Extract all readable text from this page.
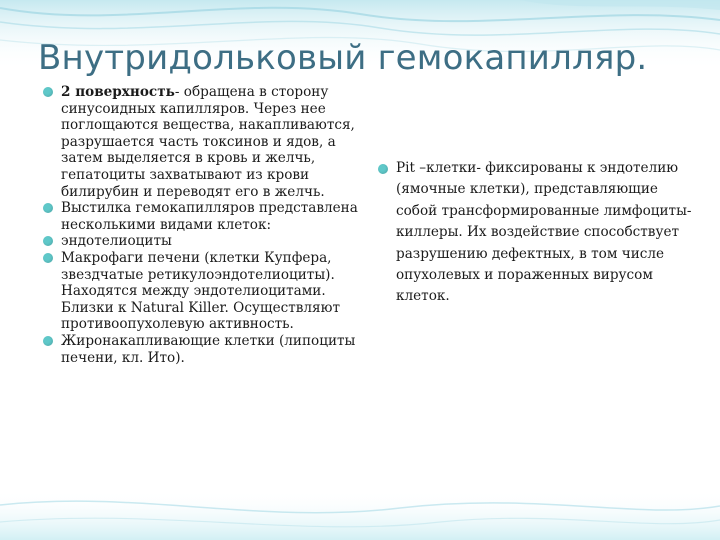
Внутридольковый гемокапилляр.
2 поверхность- обращена в сторону синусоидных капилляров. Через нее поглощаются вещества, накапливаются, разрушается часть токсинов и ядов, а затем выделяется в кровь и желчь, гепатоциты захватывают из крови билирубин и переводят его в желчь.
Выстилка гемокапилляров представлена несколькими видами клеток:
эндотелиоциты
Макрофаги печени (клетки Купфера, звездчатые ретикулоэндотелиоциты). Находятся между эндотелиоцитами. Близки к Natural Killer. Осуществляют противоопухолевую активность.
Жиронакапливающие клетки (липоциты печени, кл. Ито).
Pit –клетки- фиксированы к эндотелию (ямочные клетки), представляющие собой трансформированные лимфоциты-киллеры. Их воздействие способствует разрушению дефектных, в том числе опухолевых и пораженных вирусом клеток.
